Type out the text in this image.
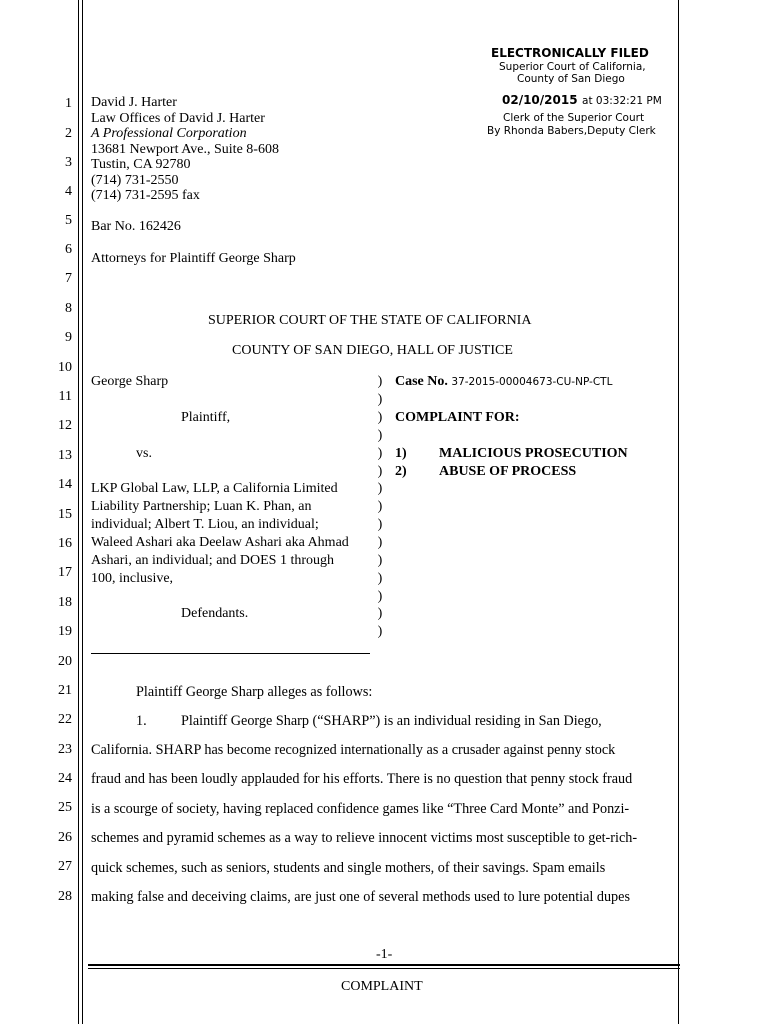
ELECTRONICALLY FILED
Superior Court of California,
County of San Diego
02/10/2015 at 03:32:21 PM
Clerk of the Superior Court
By Rhonda Babers,Deputy Clerk
1
2
3
4
5
6
7
8
9
10
11
12
13
14
15
16
17
18
19
20
21
22
23
24
25
26
27
28
David J. Harter
Law Offices of David J. Harter
A Professional Corporation
13681 Newport Ave., Suite 8-608
Tustin, CA 92780
(714) 731-2550
(714) 731-2595 fax
Bar No. 162426
Attorneys for Plaintiff George Sharp
SUPERIOR COURT OF THE STATE OF CALIFORNIA
COUNTY OF SAN DIEGO, HALL OF JUSTICE
George Sharp
Plaintiff,
vs.
LKP Global Law, LLP, a California Limited
Liability Partnership; Luan K. Phan, an
individual; Albert T. Liou, an individual;
Waleed Ashari aka Deelaw Ashari aka Ahmad
Ashari, an individual; and DOES 1 through
100, inclusive,
Defendants.
)
)
)
)
)
)
)
)
)
)
)
)
)
)
)
Case No. 37-2015-00004673-CU-NP-CTL
COMPLAINT FOR:
1) MALICIOUS PROSECUTION
2) ABUSE OF PROCESS
Plaintiff George Sharp alleges as follows:
1. Plaintiff George Sharp (“SHARP”) is an individual residing in San Diego,
California. SHARP has become recognized internationally as a crusader against penny stock
fraud and has been loudly applauded for his efforts. There is no question that penny stock fraud
is a scourge of society, having replaced confidence games like “Three Card Monte” and Ponzi-
schemes and pyramid schemes as a way to relieve innocent victims most susceptible to get-rich-
quick schemes, such as seniors, students and single mothers, of their savings. Spam emails
making false and deceiving claims, are just one of several methods used to lure potential dupes
-1-
COMPLAINT
